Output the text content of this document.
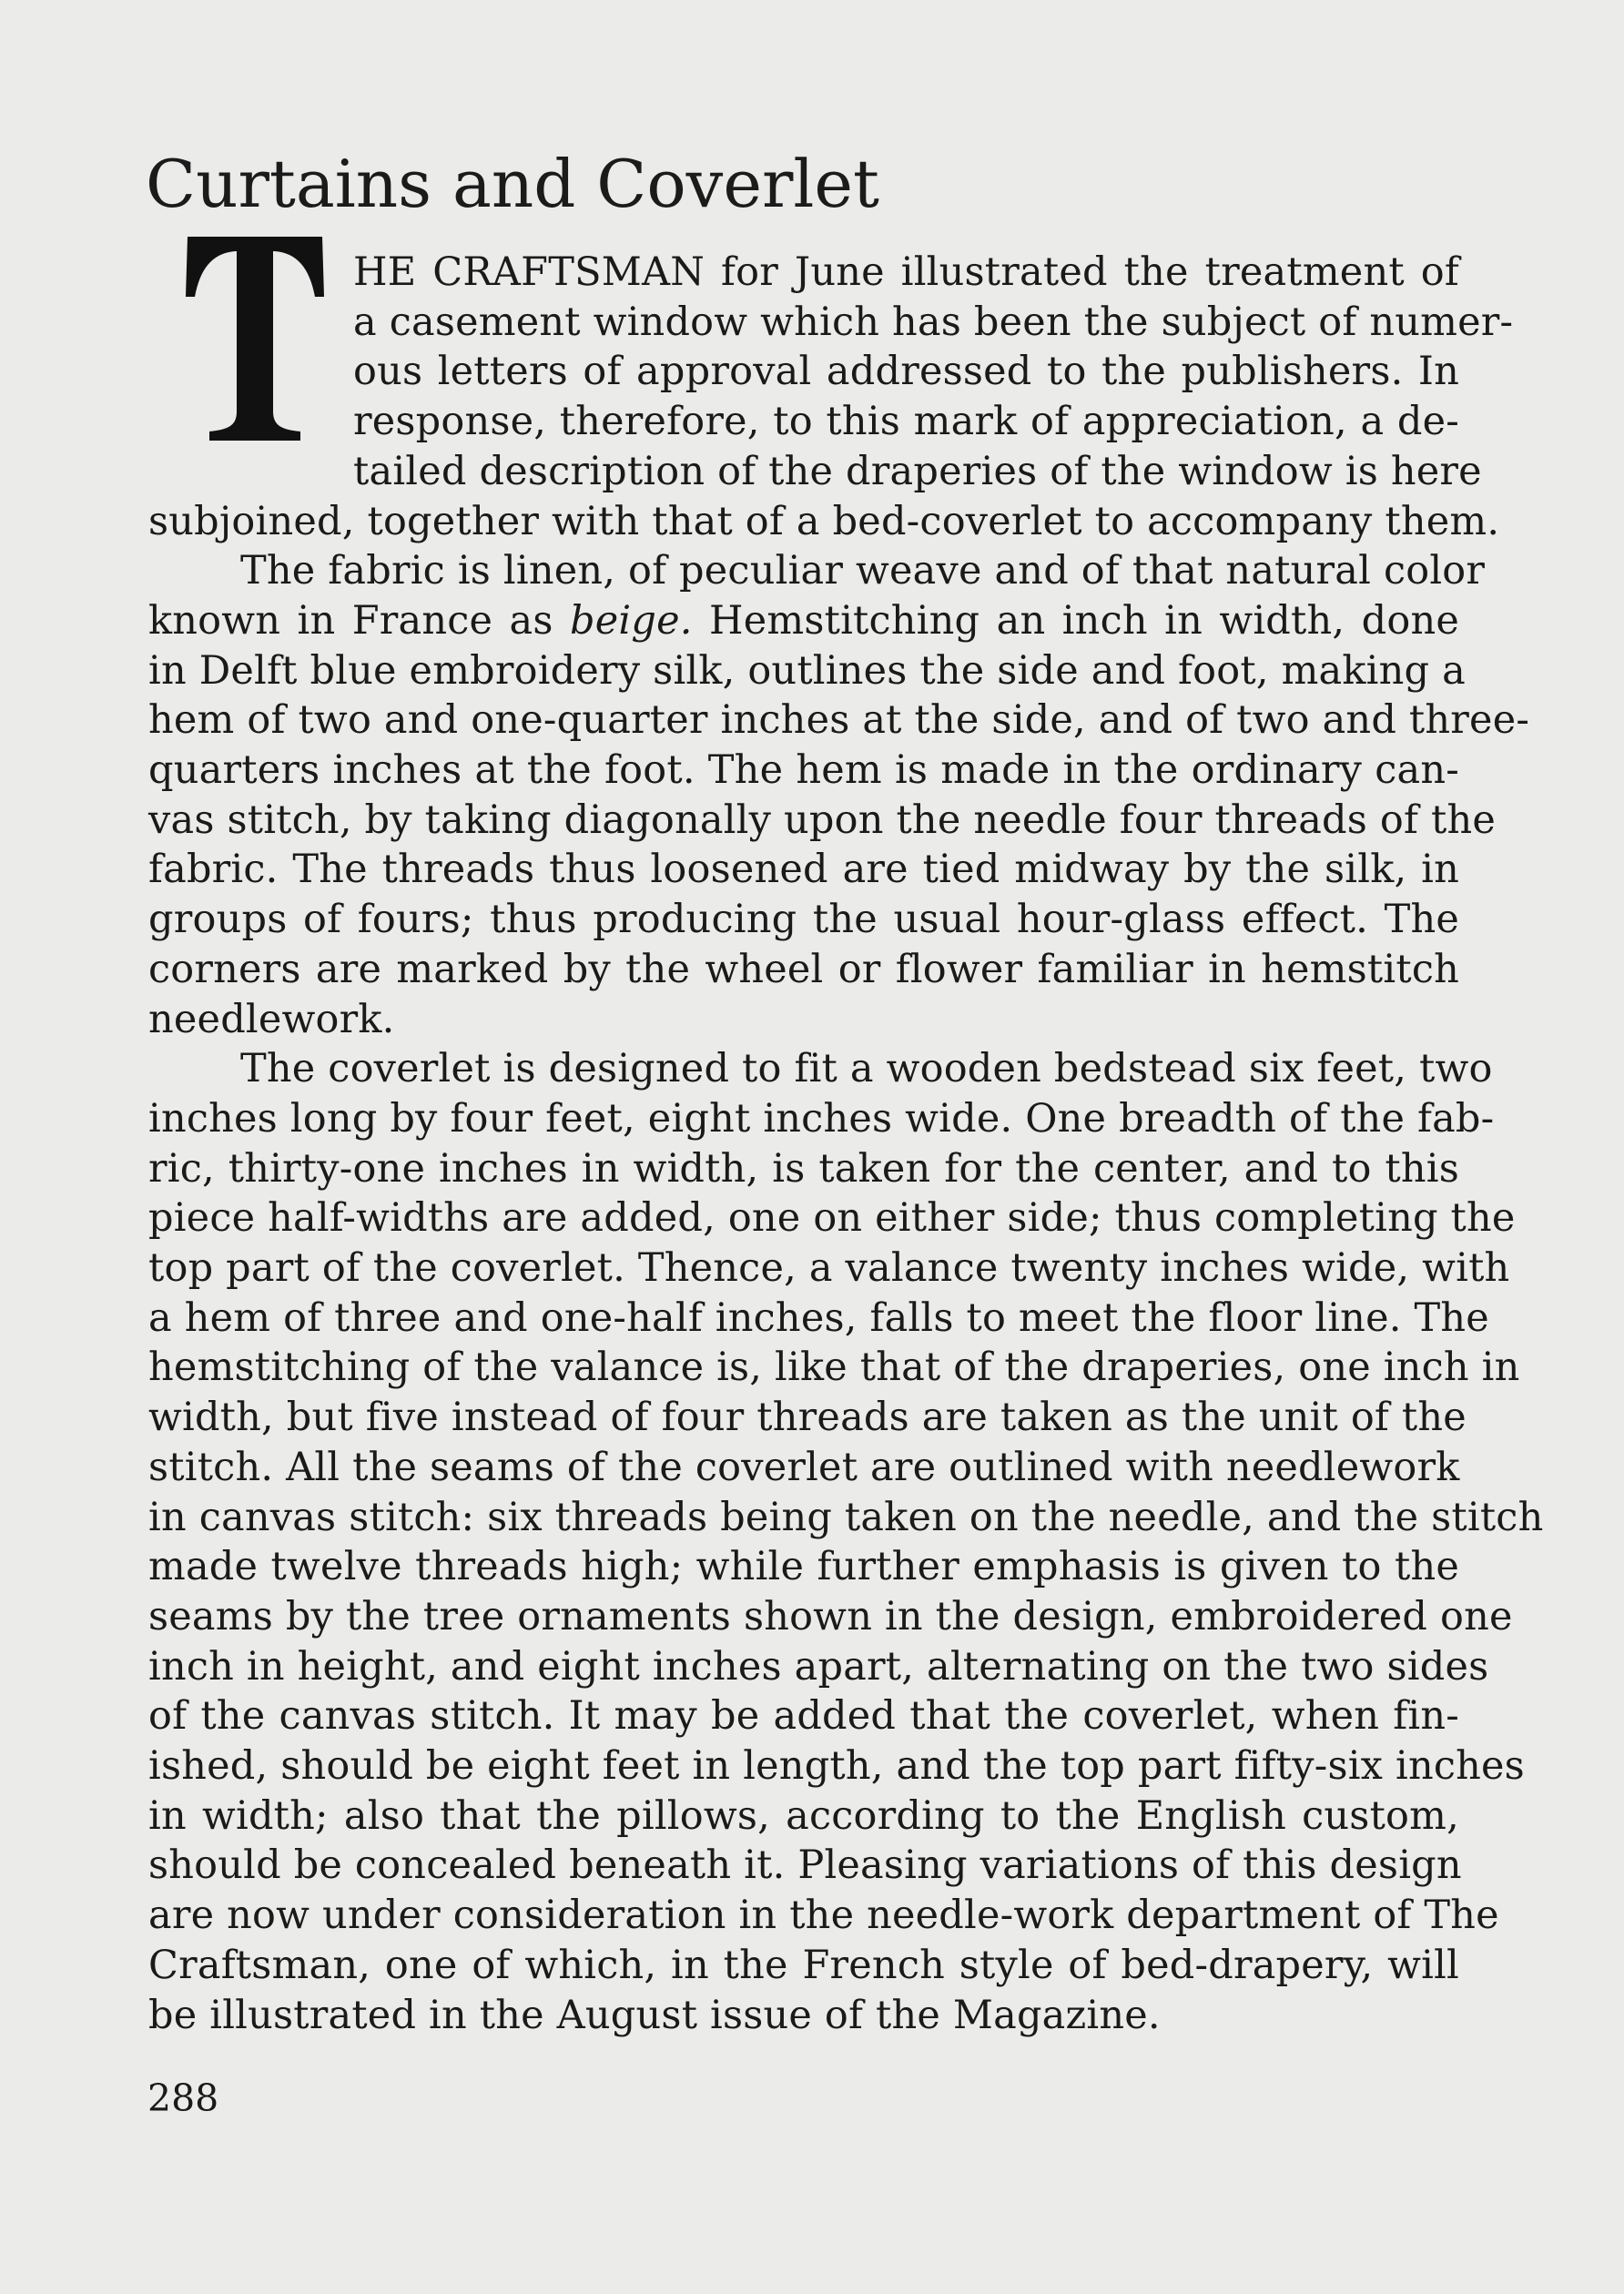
Curtains and Coverlet
HE CRAFTSMAN for June illustrated the treatment of
a casement window which has been the subject of numer-
ous letters of approval addressed to the publishers. In
response, therefore, to this mark of appreciation, a de-
tailed description of the draperies of the window is here
subjoined, together with that of a bed-coverlet to accompany them.
The fabric is linen, of peculiar weave and of that natural color
known in France as beige. Hemstitching an inch in width, done
in Delft blue embroidery silk, outlines the side and foot, making a
hem of two and one-quarter inches at the side, and of two and three-
quarters inches at the foot. The hem is made in the ordinary can-
vas stitch, by taking diagonally upon the needle four threads of the
fabric. The threads thus loosened are tied midway by the silk, in
groups of fours; thus producing the usual hour-glass effect. The
corners are marked by the wheel or flower familiar in hemstitch
needlework.
The coverlet is designed to fit a wooden bedstead six feet, two
inches long by four feet, eight inches wide. One breadth of the fab-
ric, thirty-one inches in width, is taken for the center, and to this
piece half-widths are added, one on either side; thus completing the
top part of the coverlet. Thence, a valance twenty inches wide, with
a hem of three and one-half inches, falls to meet the floor line. The
hemstitching of the valance is, like that of the draperies, one inch in
width, but five instead of four threads are taken as the unit of the
stitch. All the seams of the coverlet are outlined with needlework
in canvas stitch: six threads being taken on the needle, and the stitch
made twelve threads high; while further emphasis is given to the
seams by the tree ornaments shown in the design, embroidered one
inch in height, and eight inches apart, alternating on the two sides
of the canvas stitch. It may be added that the coverlet, when fin-
ished, should be eight feet in length, and the top part fifty-six inches
in width; also that the pillows, according to the English custom,
should be concealed beneath it. Pleasing variations of this design
are now under consideration in the needle-work department of The
Craftsman, one of which, in the French style of bed-drapery, will
be illustrated in the August issue of the Magazine.
288
